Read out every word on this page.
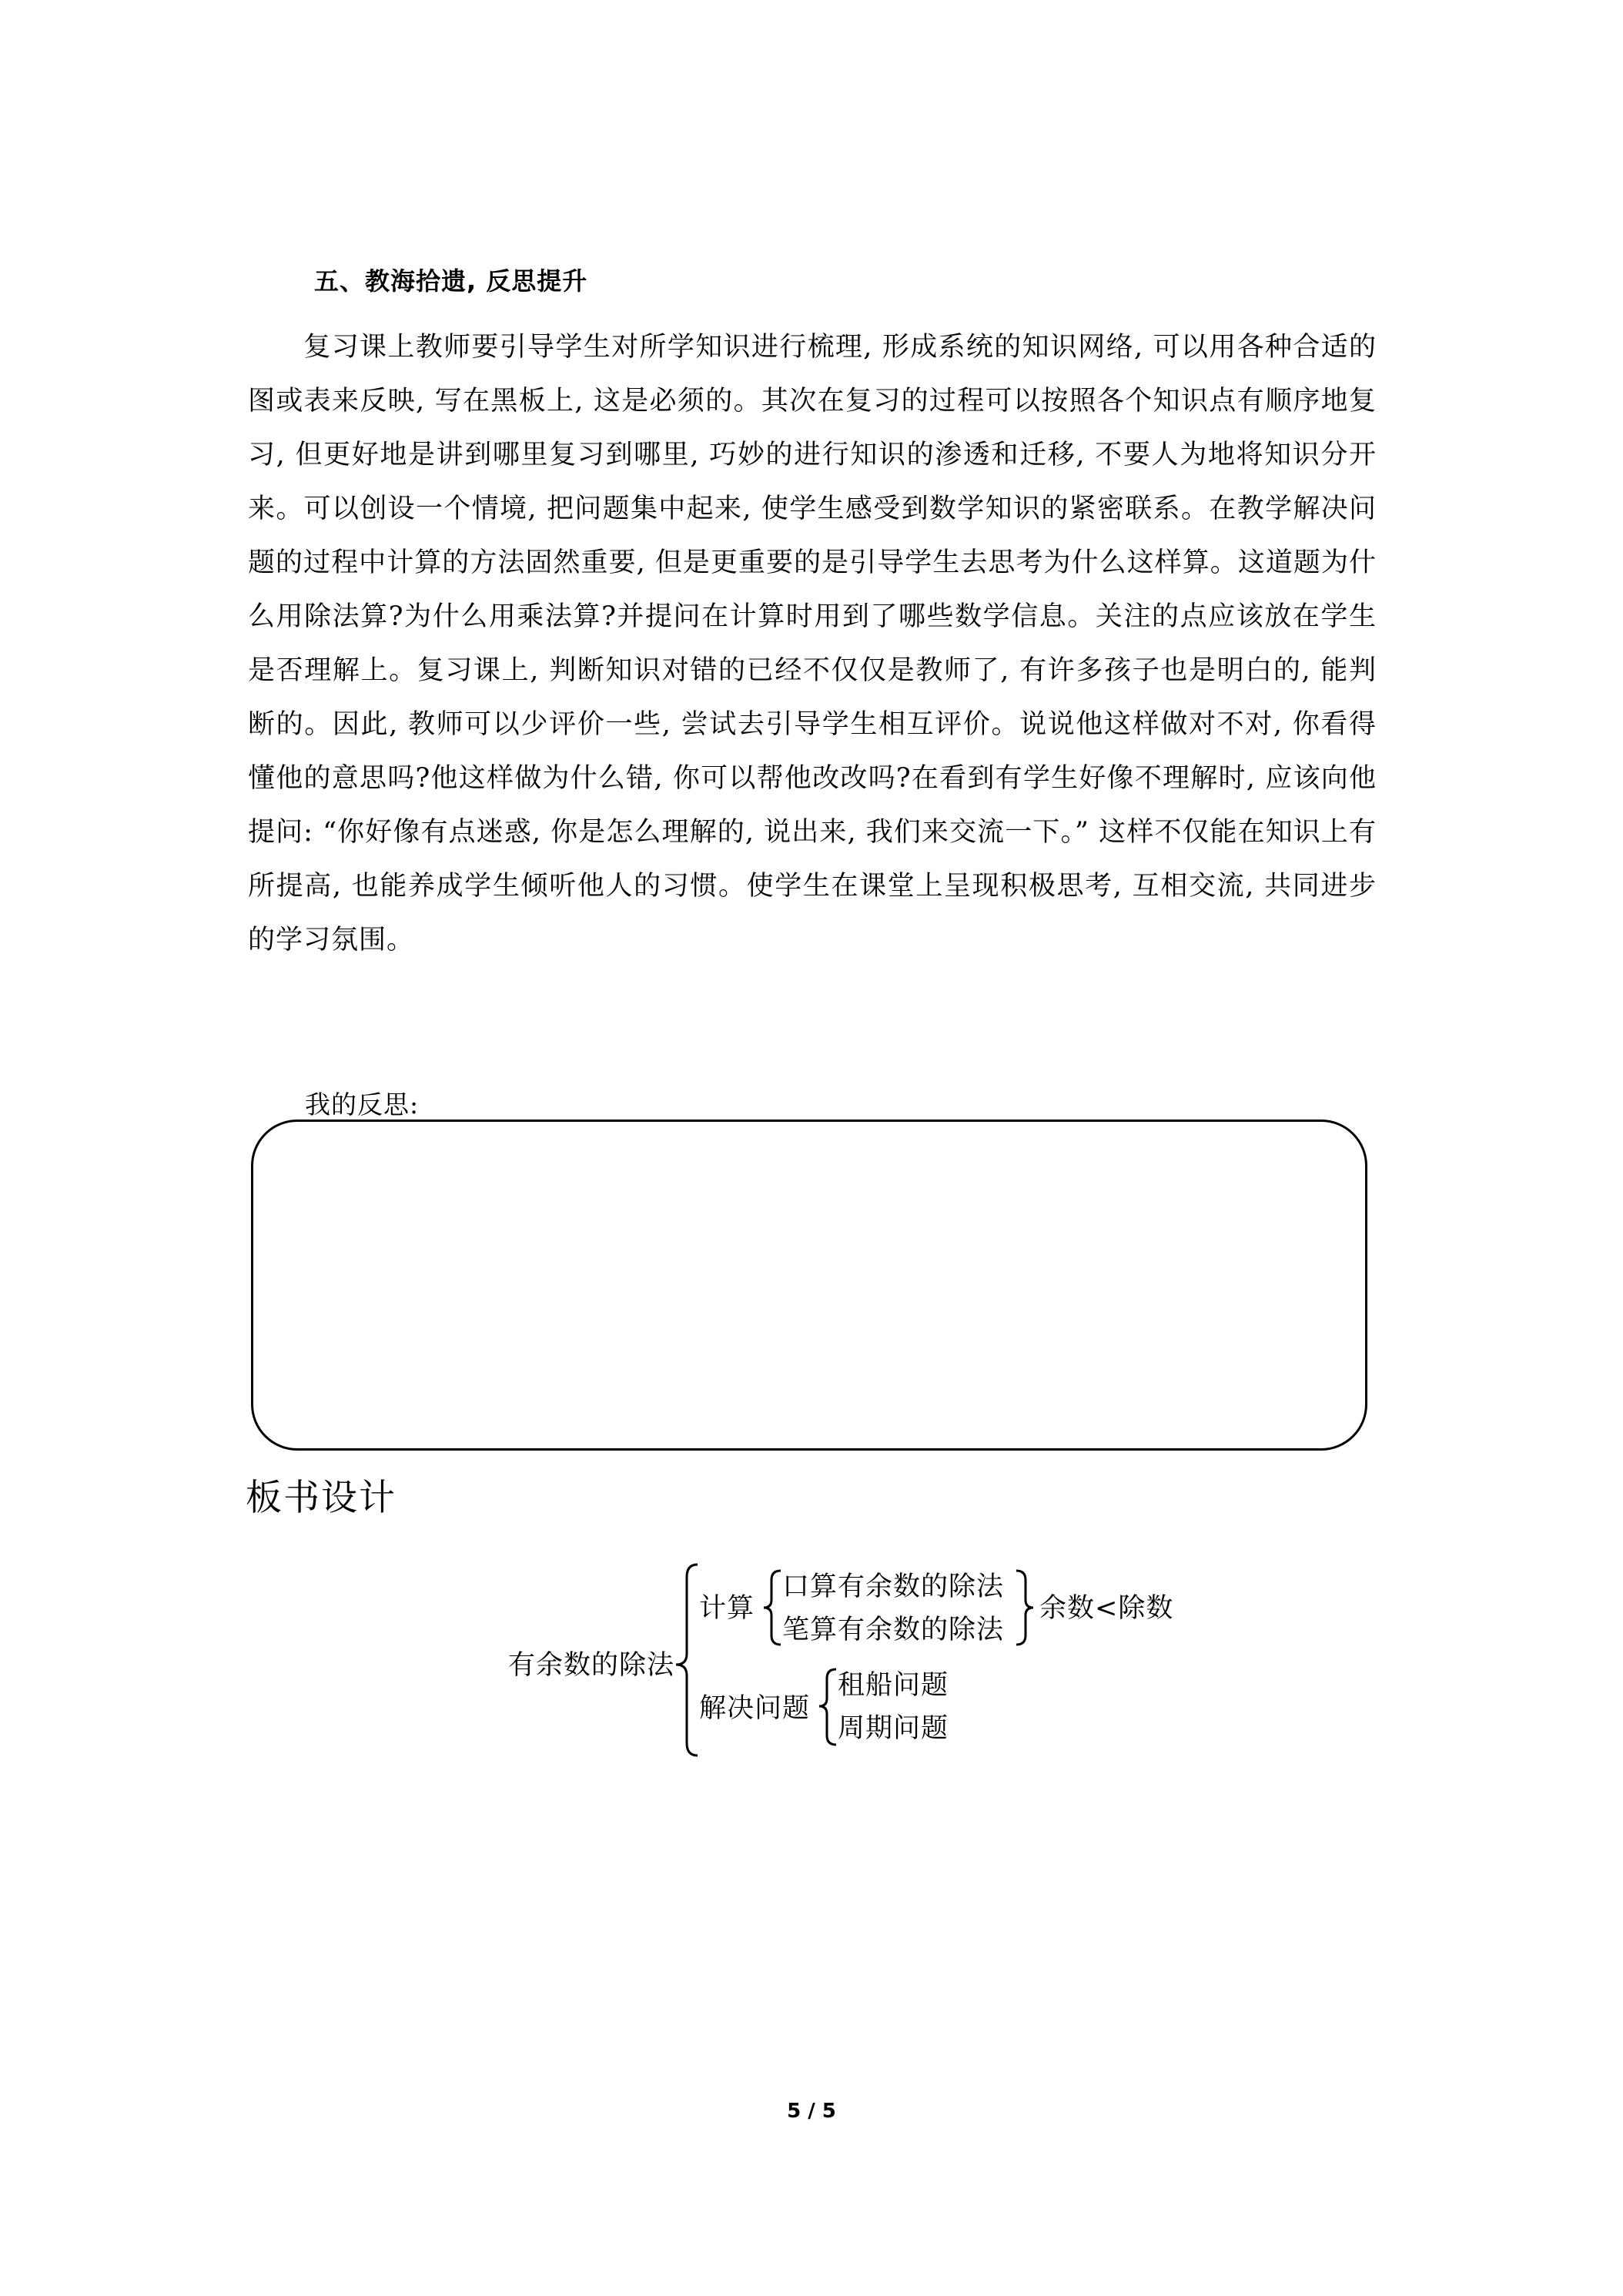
五、教海拾遗, 反思提升

复习课上教师要引导学生对所学知识进行梳理, 形成系统的知识网络, 可以用各种合适的图或表来反映, 写在黑板上, 这是必须的。其次在复习的过程可以按照各个知识点有顺序地复习, 但更好地是讲到哪里复习到哪里, 巧妙的进行知识的渗透和迁移, 不要人为地将知识分开来。可以创设一个情境, 把问题集中起来, 使学生感受到数学知识的紧密联系。在教学解决问题的过程中计算的方法固然重要, 但是更重要的是引导学生去思考为什么这样算。这道题为什么用除法算?为什么用乘法算?并提问在计算时用到了哪些数学信息。关注的点应该放在学生是否理解上。复习课上, 判断知识对错的已经不仅仅是教师了, 有许多孩子也是明白的, 能判断的。因此, 教师可以少评价一些, 尝试去引导学生相互评价。说说他这样做对不对, 你看得懂他的意思吗?他这样做为什么错, 你可以帮他改改吗?在看到有学生好像不理解时, 应该向他提问: “你好像有点迷惑, 你是怎么理解的, 说出来, 我们来交流一下。” 这样不仅能在知识上有所提高, 也能养成学生倾听他人的习惯。使学生在课堂上呈现积极思考, 互相交流, 共同进步的学习氛围。

我的反思:
板书设计
有余数的除法
计算
口算有余数的除法
笔算有余数的除法
余数<除数
解决问题
租船问题
周期问题
5 / 5
